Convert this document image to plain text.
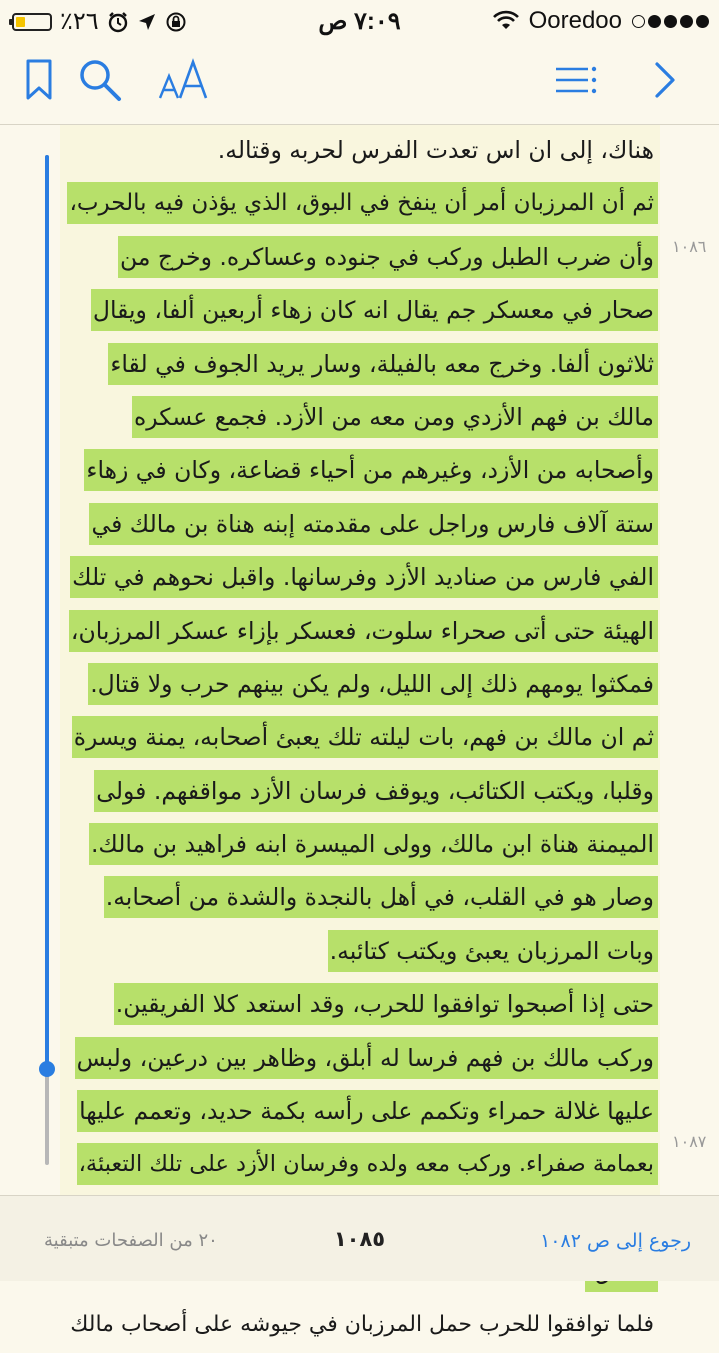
٪٢٦	٧:٠٩ ص	Ooredoo
هناك، إلى ان اس تعدت الفرس لحربه وقتاله.
ثم أن المرزبان أمر أن ينفخ في البوق، الذي يؤذن فيه بالحرب،
وأن ضرب الطبل وركب في جنوده وعساكره. وخرج من
صحار في معسكر جم يقال انه كان زهاء أربعين ألفا، ويقال
ثلاثون ألفا. وخرج معه بالفيلة، وسار يريد الجوف في لقاء
مالك بن فهم الأزدي ومن معه من الأزد. فجمع عسكره
وأصحابه من الأزد، وغيرهم من أحياء قضاعة، وكان في زهاء
ستة آلاف فارس وراجل على مقدمته إبنه هناة بن مالك في
الفي فارس من صناديد الأزد وفرسانها. واقبل نحوهم في تلك
الهيئة حتى أتى صحراء سلوت، فعسكر بإزاء عسكر المرزبان،
فمكثوا يومهم ذلك إلى الليل، ولم يكن بينهم حرب ولا قتال.
ثم ان مالك بن فهم، بات ليلته تلك يعبئ أصحابه، يمنة ويسرة
وقلبا، ويكتب الكتائب، ويوقف فرسان الأزد مواقفهم. فولى
الميمنة هناة ابن مالك، وولى الميسرة ابنه فراهيد بن مالك.
وصار هو في القلب، في أهل بالنجدة والشدة من أصحابه.
وبات المرزبان يعبئ ويكتب كتائبه.
حتى إذا أصبحوا توافقوا للحرب، وقد استعد كلا الفريقين.
وركب مالك بن فهم فرسا له أبلق، وظاهر بين درعين، ولبس
عليها غلالة حمراء وتكمم على رأسه بكمة حديد، وتعمم عليها
بعمامة صفراء. وركب معه ولده وفرسان الأزد على تلك التعبئة،
فلما توافقوا للحرب حمل المرزبان في جيوشه على أصحاب مالك
١٠٨٦
١٠٨٧
رجوع إلى ص ١٠٨٢
١٠٨٥
٢٠ من الصفحات متبقية
